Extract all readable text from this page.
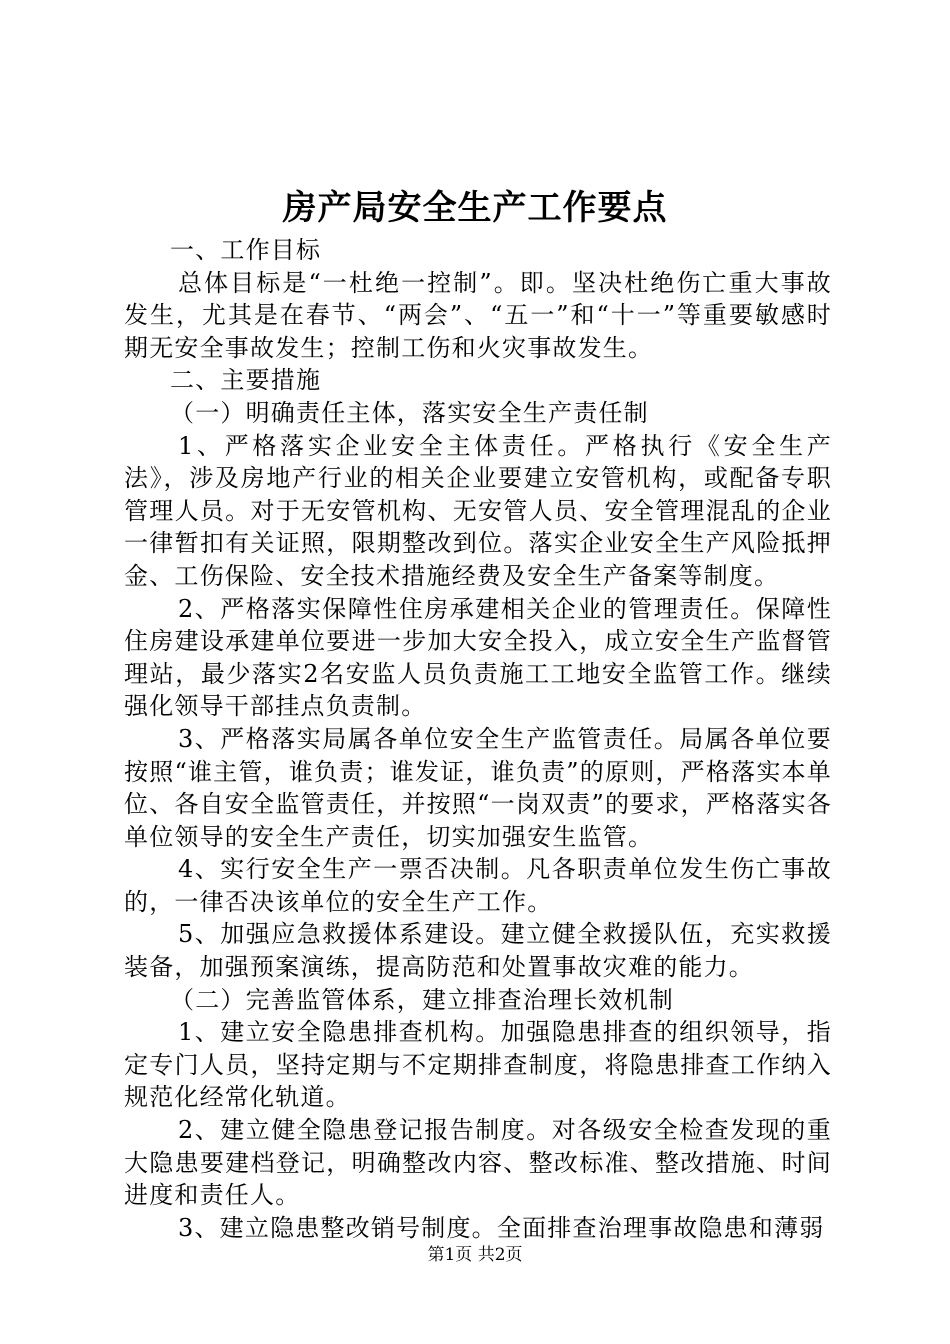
房产局安全生产工作要点

一、工作目标

总体目标是“一杜绝一控制”。即。坚决杜绝伤亡重大事故发生，尤其是在春节、“两会”、“五一”和“十一”等重要敏感时期无安全事故发生；控制工伤和火灾事故发生。

二、主要措施

（一）明确责任主体，落实安全生产责任制

1、严格落实企业安全主体责任。严格执行《安全生产法》，涉及房地产行业的相关企业要建立安管机构，或配备专职管理人员。对于无安管机构、无安管人员、安全管理混乱的企业一律暂扣有关证照，限期整改到位。落实企业安全生产风险抵押金、工伤保险、安全技术措施经费及安全生产备案等制度。

2、严格落实保障性住房承建相关企业的管理责任。保障性住房建设承建单位要进一步加大安全投入，成立安全生产监督管理站，最少落实2名安监人员负责施工工地安全监管工作。继续强化领导干部挂点负责制。

3、严格落实局属各单位安全生产监管责任。局属各单位要按照“谁主管，谁负责；谁发证，谁负责”的原则，严格落实本单位、各自安全监管责任，并按照“一岗双责”的要求，严格落实各单位领导的安全生产责任，切实加强安生监管。

4、实行安全生产一票否决制。凡各职责单位发生伤亡事故的，一律否决该单位的安全生产工作。

5、加强应急救援体系建设。建立健全救援队伍，充实救援装备，加强预案演练，提高防范和处置事故灾难的能力。

（二）完善监管体系，建立排查治理长效机制

1、建立安全隐患排查机构。加强隐患排查的组织领导，指定专门人员，坚持定期与不定期排查制度，将隐患排查工作纳入规范化经常化轨道。

2、建立健全隐患登记报告制度。对各级安全检查发现的重大隐患要建档登记，明确整改内容、整改标准、整改措施、时间进度和责任人。

3、建立隐患整改销号制度。全面排查治理事故隐患和薄弱

第1页 共2页
